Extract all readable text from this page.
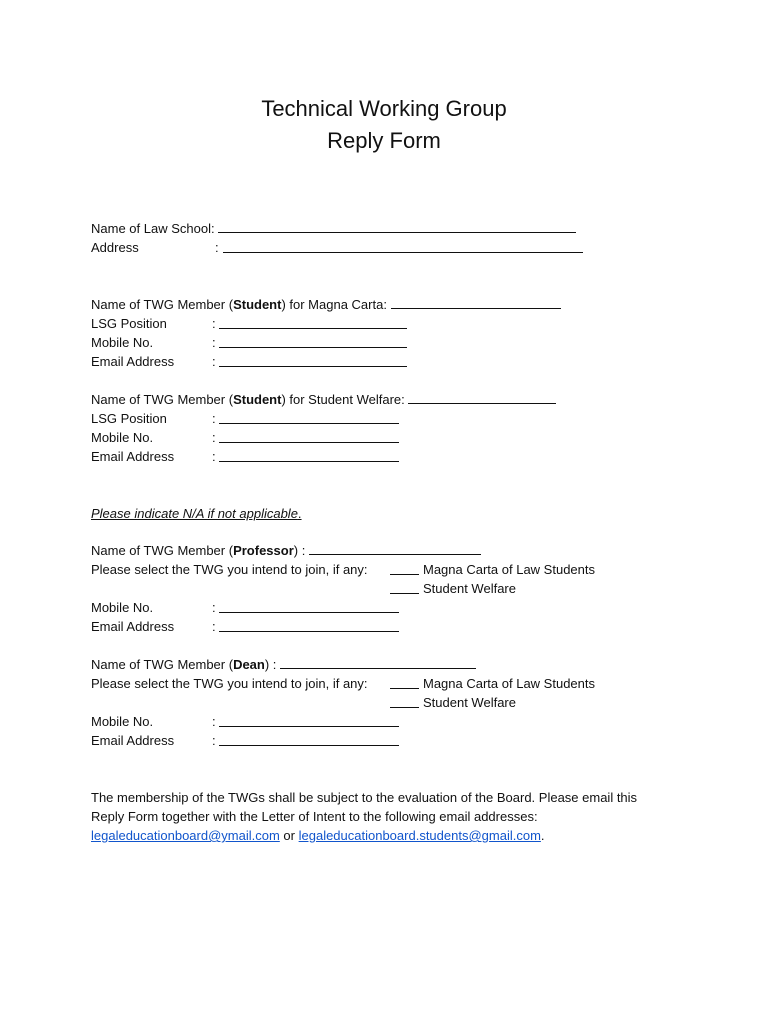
Technical Working Group
Reply Form
Name of Law School:
Address	:
Name of TWG Member (Student) for Magna Carta:
LSG Position	:
Mobile No.	:
Email Address	:
Name of TWG Member (Student) for Student Welfare:
LSG Position	:
Mobile No.	:
Email Address	:
Please indicate N/A if not applicable.
Name of TWG Member (Professor) :
Please select the TWG you intend to join, if any:	Magna Carta of Law Students
Student Welfare
Mobile No.	:
Email Address	:
Name of TWG Member (Dean) :
Please select the TWG you intend to join, if any:	Magna Carta of Law Students
Student Welfare
Mobile No.	:
Email Address	:
The membership of the TWGs shall be subject to the evaluation of the Board. Please email this
Reply Form together with the Letter of Intent to the following email addresses:
legaleducationboard@ymail.com or legaleducationboard.students@gmail.com.
